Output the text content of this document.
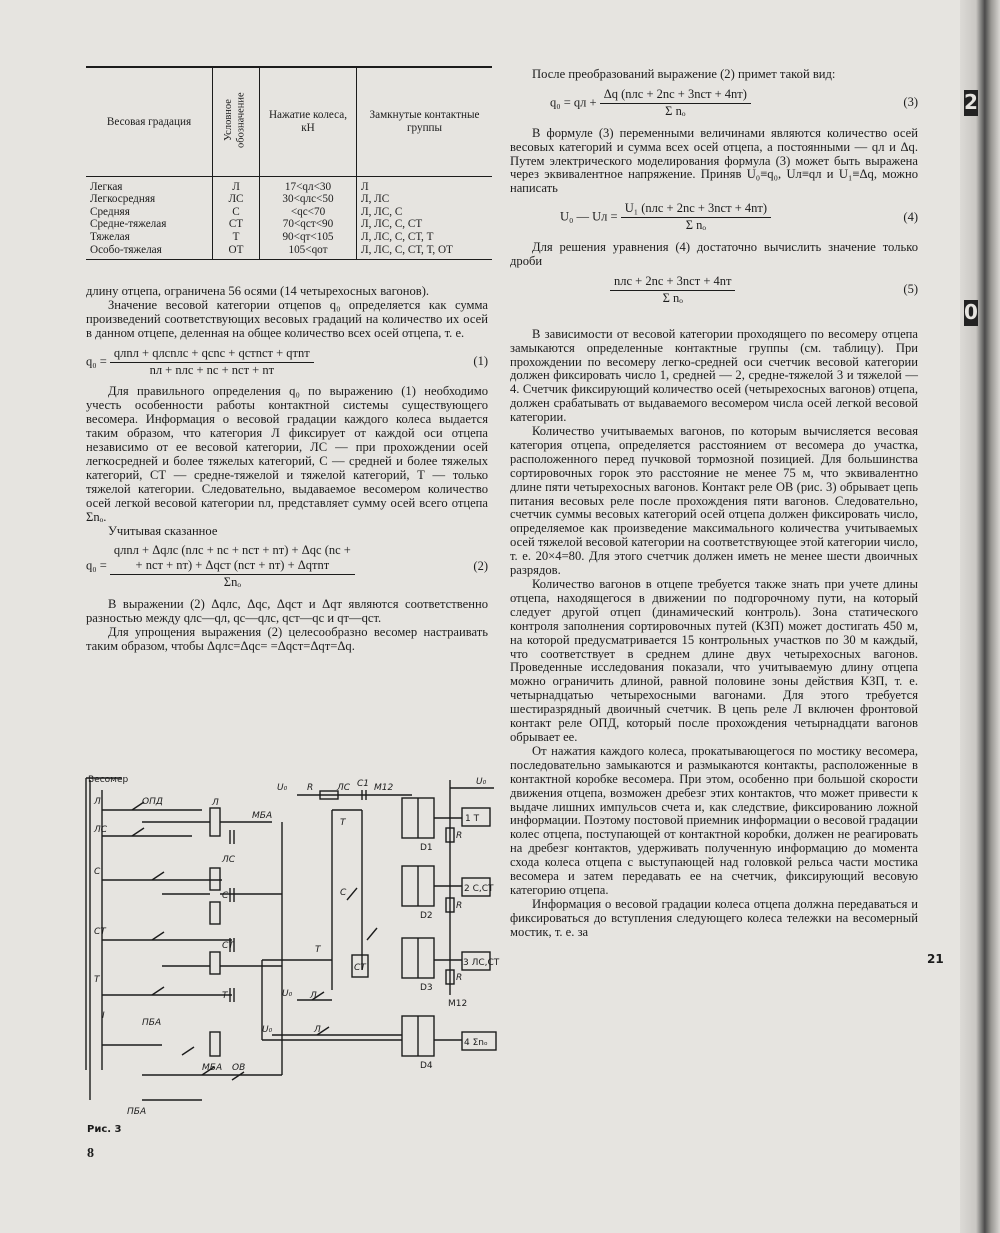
2
0
21
Весовая градация	Условное обозначение	Нажатие колеса, кН	Замкнутые контактные группы
Легкая	Л	17<qл<30	Л
Легкосредняя	ЛС	30<qлс<50	Л, ЛС
Средняя	С	<qс<70	Л, ЛС, С
Средне-тяжелая	СТ	70<qст<90	Л, ЛС, С, СТ
Тяжелая	Т	90<qт<105	Л, ЛС, С, СТ, Т
Особо-тяжелая	ОТ	105<qот	Л, ЛС, С, СТ, Т, ОТ

длину отцепа, ограничена 56 осями (14 четырехосных вагонов).

Значение весовой категории отцепов q₀ определяется как сумма произведений соответствующих весовых градаций на количество их осей в данном отцепе, деленная на общее количество всех осей отцепа, т. е.

$q_0 = \frac{\text{qлnл + qлсnлс + qсnс + qстnст + qтnт}}{\text{nл + nлс + nс + nст + nт}}$	(1)

Для правильного определения q₀ по выражению (1) необходимо учесть особенности работы контактной системы существующего весомера. Информация о весовой градации каждого колеса выдается таким образом, что категория Л фиксирует от каждой оси отцепа независимо от ее весовой категории, ЛС — при прохождении осей легкосредней и более тяжелых категорий, С — средней и более тяжелых категорий, СТ — средне-тяжелой и тяжелой категорий, Т — только тяжелой категории. Следовательно, выдаваемое весомером количество осей легкой весовой категории nл, представляет сумму осей всего отцепа Σnₒ.

Учитывая сказанное

q₀ =
qлnл + Δqлс (nлс + nс + nст + nт) + Δqс (nс +
+ nст + nт) + Δqст (nст + nт) + Δqтnт
Σnₒ
(2)

В выражении (2) Δqлс, Δqс, Δqст и Δqт являются соответственно разностью между qлс—qл, qс—qлс, qст—qс и qт—qст.

Для упрощения выражения (2) целесообразно весомер настраивать таким образом, чтобы Δqлс=Δqс= =Δqст=Δqт=Δq.

Весомер
Л
ЛС
С
СТ
Т
ОПД	Л
МБА
ЛС
С
СТ
Т
ПБА
МБА ОВ
ПБА
I
U₀ R	ЛС C1 М12
Т
С
Т
СТ
U₀ Л
U₀	Л
D1
D2
D3
D4
1 Т
2 С,СТ
3 ЛС,СТ
4 Σnₒ
U₀
R
R
R
М12
Рис. 3
8

После преобразований выражение (2) примет такой вид:

q₀ = qл + $\frac{\text{Δq (nлс + 2nс + 3nст + 4nт)}}{\text{Σ nₒ}}$	(3)

В формуле (3) переменными величинами являются количество осей весовых категорий и сумма всех осей отцепа, а постоянными — qл и Δq. Путем электрического моделирования формула (3) может быть выражена через эквивалентное напряжение. Приняв U₀≡q₀, Uл≡qл и U₁≡Δq, можно написать

U₀ — Uл = $\frac{\text{U₁ (nлс + 2nс + 3nст + 4nт)}}{\text{Σ nₒ}}$	(4)

Для решения уравнения (4) достаточно вычислить значение только дроби

$\frac{\text{nлс + 2nс + 3nст + 4nт}}{\text{Σ nₒ}}$	(5)

В зависимости от весовой категории проходящего по весомеру отцепа замыкаются определенные контактные группы (см. таблицу). При прохождении по весомеру легко-средней оси счетчик весовой категории должен фиксировать число 1, средней — 2, средне-тяжелой 3 и тяжелой — 4. Счетчик фиксирующий количество осей (четырехосных вагонов) отцепа, должен срабатывать от выдаваемого весомером числа осей легкой весовой категории.

Количество учитываемых вагонов, по которым вычисляется весовая категория отцепа, определяется расстоянием от весомера до участка, расположенного перед пучковой тормозной позицией. Для большинства сортировочных горок это расстояние не менее 75 м, что эквивалентно длине пяти четырехосных вагонов. Контакт реле ОВ (рис. 3) обрывает цепь питания весовых реле после прохождения пяти вагонов. Следовательно, счетчик суммы весовых категорий осей отцепа должен фиксировать число, определяемое как произведение максимального количества учитываемых осей тяжелой весовой категории на соответствующее этой категории число, т. е. 20×4=80. Для этого счетчик должен иметь не менее шести двоичных разрядов.

Количество вагонов в отцепе требуется также знать при учете длины отцепа, находящегося в движении по подгорочному пути, на который следует другой отцеп (динамический контроль). Зона статического контроля заполнения сортировочных путей (КЗП) может достигать 450 м, на которой предусматривается 15 контрольных участков по 30 м каждый, что соответствует в среднем длине двух четырехосных вагонов. Проведенные исследования показали, что учитываемую длину отцепа можно ограничить длиной, равной половине зоны действия КЗП, т. е. четырнадцатью четырехосными вагонами. Для этого требуется шестиразрядный двоичный счетчик. В цепь реле Л включен фронтовой контакт реле ОПД, который после прохождения четырнадцати вагонов обрывает ее.

От нажатия каждого колеса, прокатывающегося по мостику весомера, последовательно замыкаются и размыкаются контакты, расположенные в контактной коробке весомера. При этом, особенно при большой скорости движения отцепа, возможен дребезг этих контактов, что может привести к выдаче лишних импульсов счета и, как следствие, фиксированию ложной информации. Поэтому постовой приемник информации о весовой градации колес отцепа, поступающей от контактной коробки, должен не реагировать на дребезг контактов, удерживать полученную информацию до момента схода колеса отцепа с выступающей над головкой рельса части мостика весомера и затем передавать ее на счетчик, фиксирующий весовую категорию отцепа.

Информация о весовой градации колеса отцепа должна передаваться и фиксироваться до вступления следующего колеса тележки на весомерный мостик, т. е. за
